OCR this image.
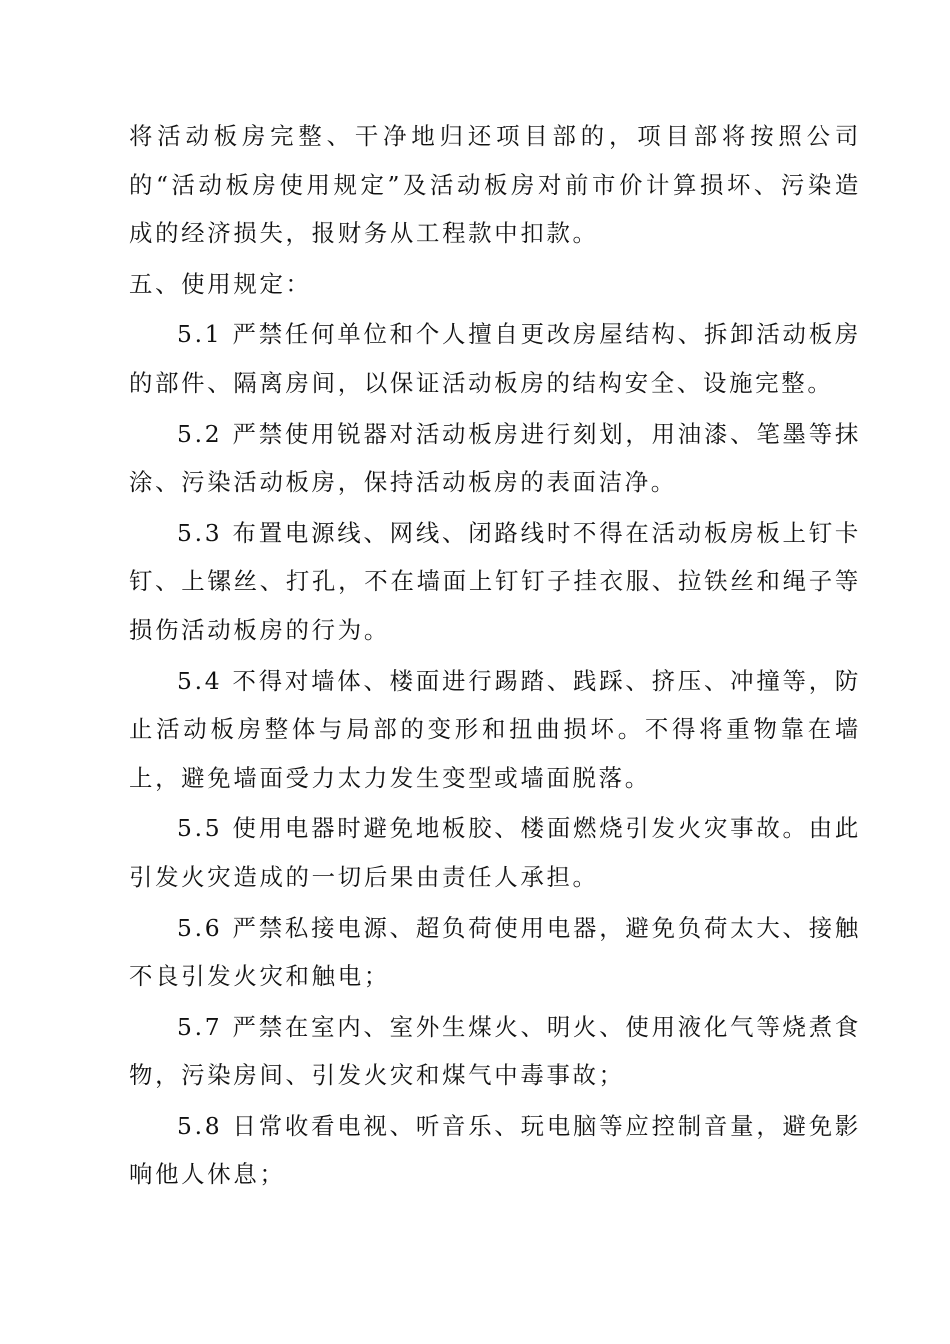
将活动板房完整、干净地归还项目部的，项目部将按照公司的“活动板房使用规定”及活动板房对前市价计算损坏、污染造成的经济损失，报财务从工程款中扣款。

五、使用规定：

5.1 严禁任何单位和个人擅自更改房屋结构、拆卸活动板房的部件、隔离房间，以保证活动板房的结构安全、设施完整。

5.2 严禁使用锐器对活动板房进行刻划，用油漆、笔墨等抹涂、污染活动板房，保持活动板房的表面洁净。

5.3 布置电源线、网线、闭路线时不得在活动板房板上钉卡钉、上镙丝、打孔，不在墙面上钉钉子挂衣服、拉铁丝和绳子等损伤活动板房的行为。

5.4 不得对墙体、楼面进行踢踏、践踩、挤压、冲撞等，防止活动板房整体与局部的变形和扭曲损坏。不得将重物靠在墙上，避免墙面受力太力发生变型或墙面脱落。

5.5 使用电器时避免地板胶、楼面燃烧引发火灾事故。由此引发火灾造成的一切后果由责任人承担。

5.6 严禁私接电源、超负荷使用电器，避免负荷太大、接触不良引发火灾和触电；

5.7 严禁在室内、室外生煤火、明火、使用液化气等烧煮食物，污染房间、引发火灾和煤气中毒事故；

5.8 日常收看电视、听音乐、玩电脑等应控制音量，避免影响他人休息；
